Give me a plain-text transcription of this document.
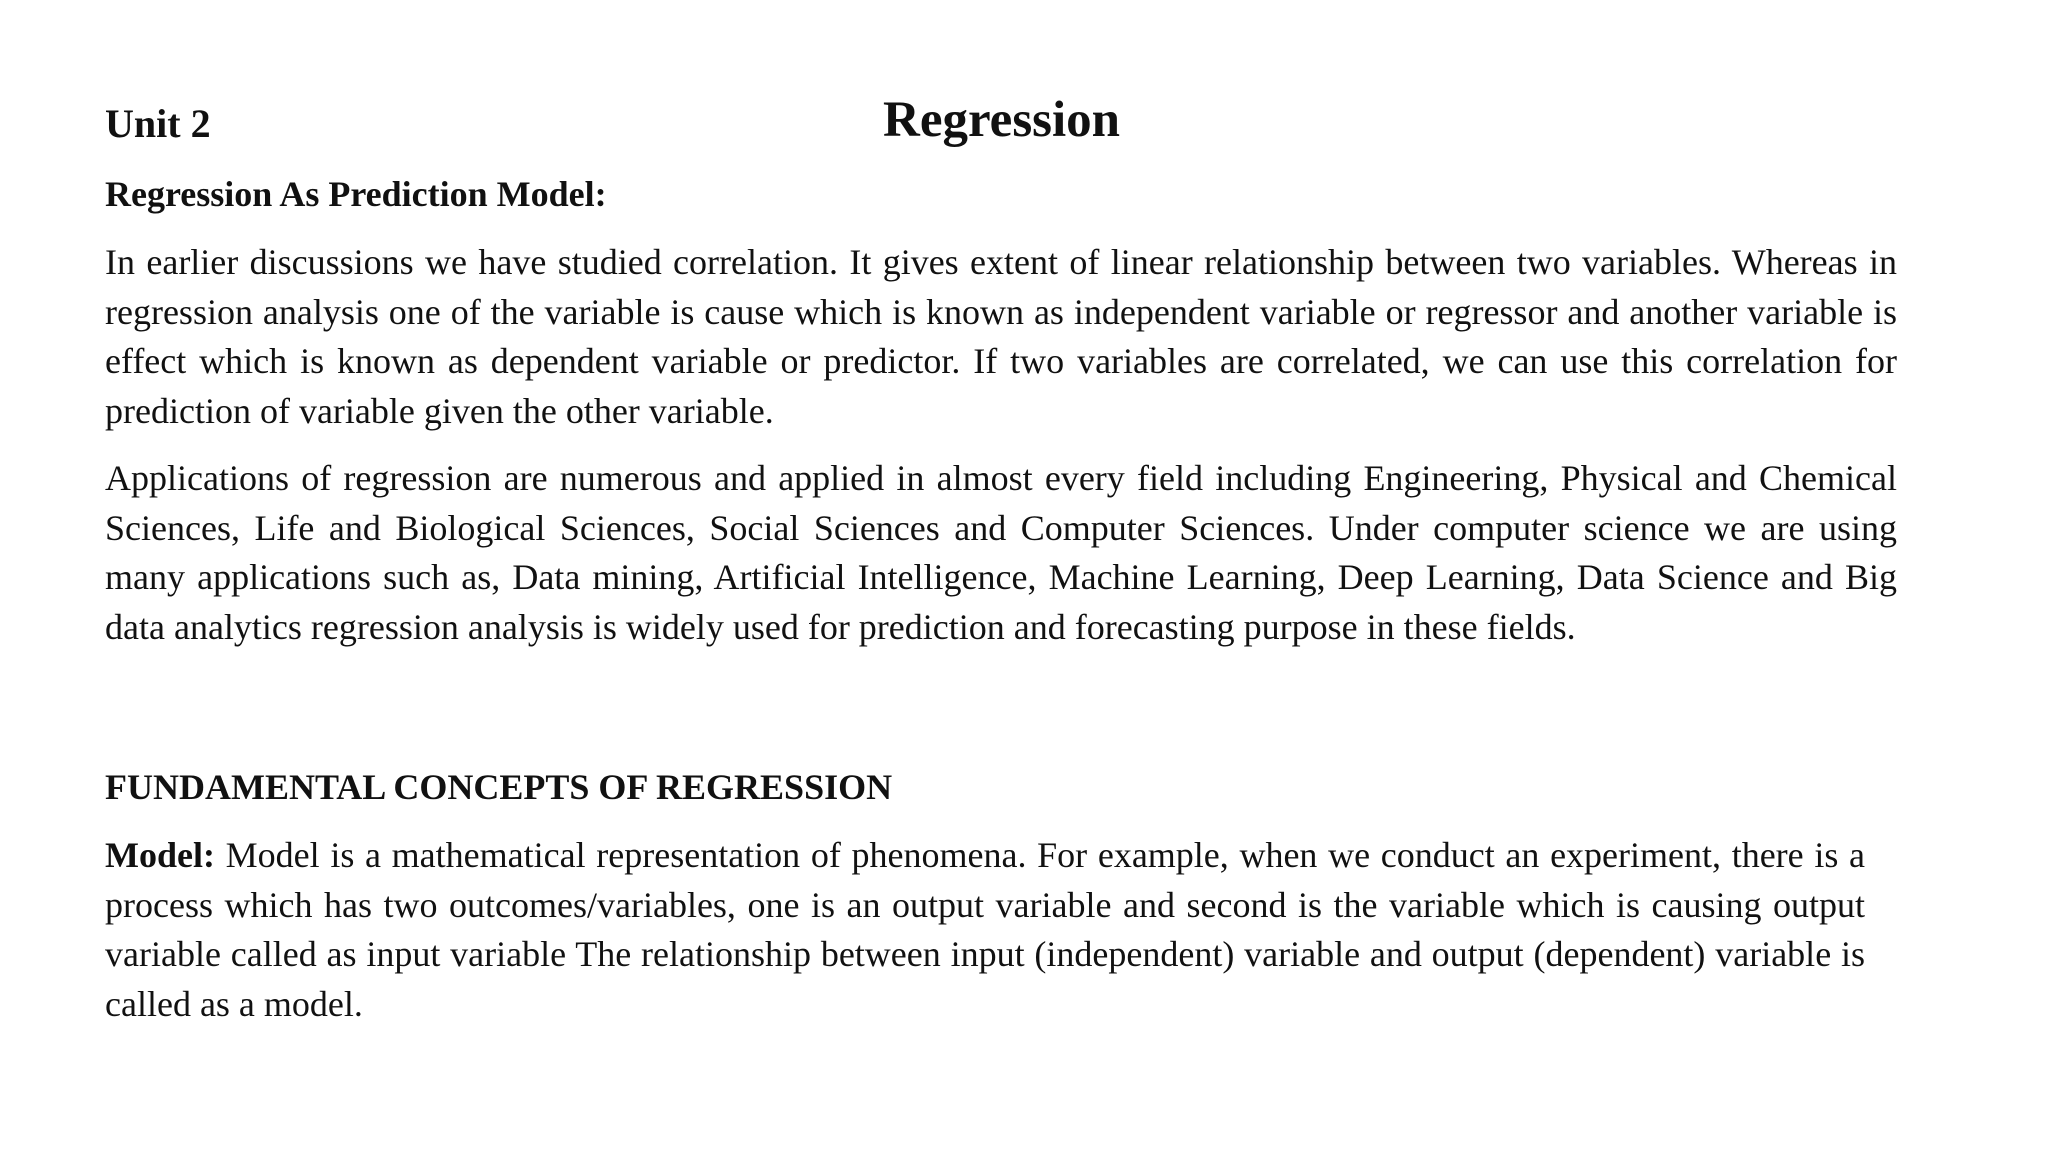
Unit 2	Regression
Regression As Prediction Model:

In earlier discussions we have studied correlation. It gives extent of linear relationship between two variables. Whereas in regression analysis one of the variable is cause which is known as independent variable or regressor and another variable is effect which is known as dependent variable or predictor. If two variables are correlated, we can use this correlation for prediction of variable given the other variable.

Applications of regression are numerous and applied in almost every field including Engineering, Physical and Chemical Sciences, Life and Biological Sciences, Social Sciences and Computer Sciences. Under computer science we are using many applications such as, Data mining, Artificial Intelligence, Machine Learning, Deep Learning, Data Science and Big data analytics regression analysis is widely used for prediction and forecasting purpose in these fields.

FUNDAMENTAL CONCEPTS OF REGRESSION

Model: Model is a mathematical representation of phenomena. For example, when we conduct an experiment, there is a process which has two outcomes/variables, one is an output variable and second is the variable which is causing output variable called as input variable The relationship between input (independent) variable and output (dependent) variable is called as a model.
